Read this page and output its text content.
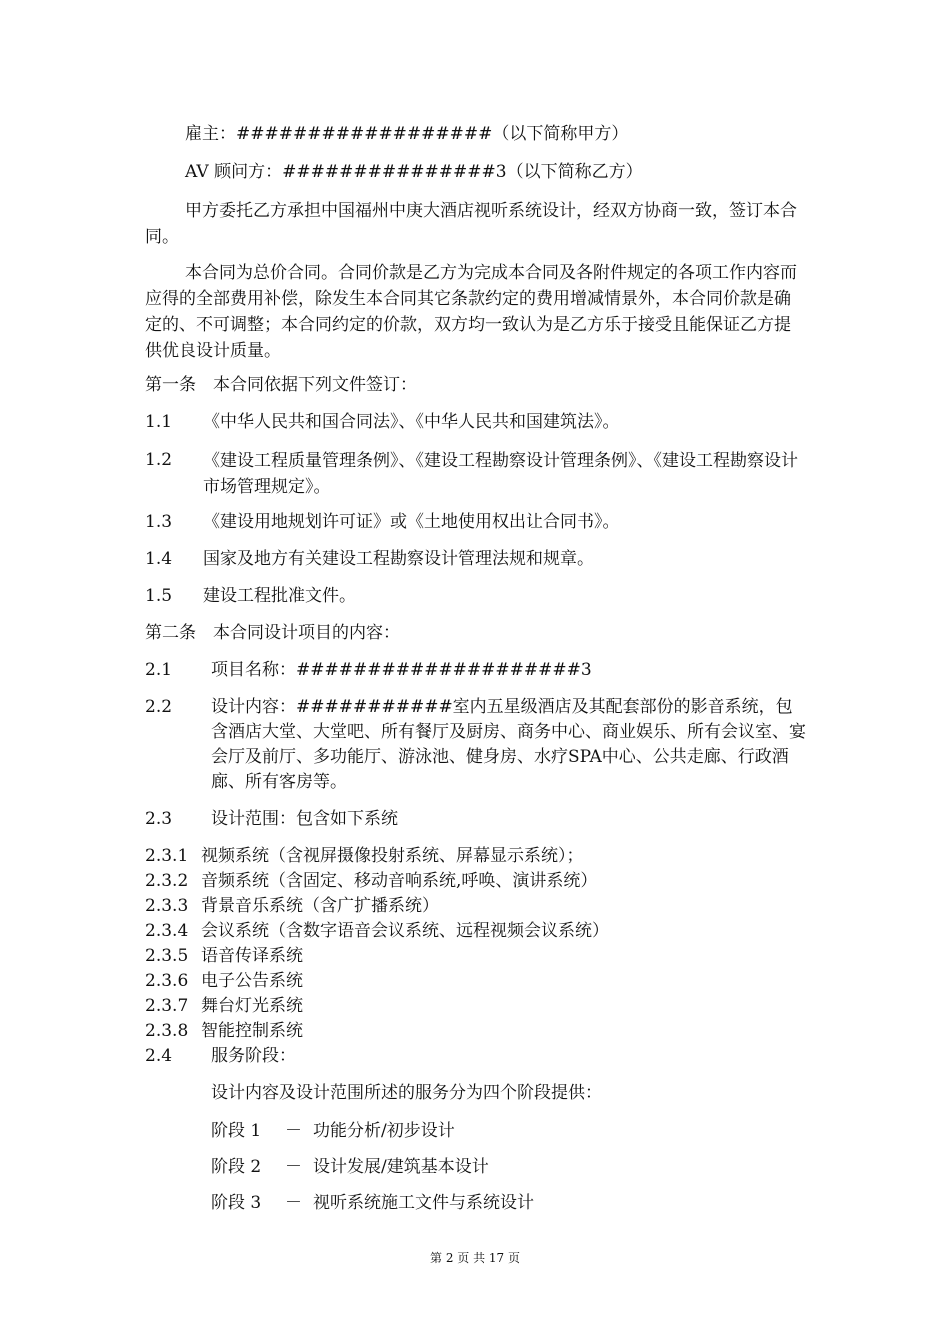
雇主：##################（以下简称甲方）

AV 顾问方：###############3（以下简称乙方）

甲方委托乙方承担中国福州中庚大酒店视听系统设计，经双方协商一致，签订本合同。
本合同为总价合同。合同价款是乙方为完成本合同及各附件规定的各项工作内容而应得的全部费用补偿，除发生本合同其它条款约定的费用增减情景外，本合同价款是确定的、不可调整；本合同约定的价款，双方均一致认为是乙方乐于接受且能保证乙方提供优良设计质量。

第一条　本合同依据下列文件签订：

1.1 《中华人民共和国合同法》、《中华人民共和国建筑法》。
1.2 《建设工程质量管理条例》、《建设工程勘察设计管理条例》、《建设工程勘察设计市场管理规定》。
1.3 《建设用地规划许可证》或《土地使用权出让合同书》。
1.4 国家及地方有关建设工程勘察设计管理法规和规章。
1.5 建设工程批准文件。

第二条　本合同设计项目的内容：

2.1 项目名称：####################3
2.2 设计内容：###########室内五星级酒店及其配套部份的影音系统，包含酒店大堂、大堂吧、所有餐厅及厨房、商务中心、商业娱乐、所有会议室、宴会厅及前厅、多功能厅、游泳池、健身房、水疗SPA中心、公共走廊、行政酒廊、所有客房等。
2.3 设计范围：包含如下系统
2.3.1 视频系统（含视屏摄像投射系统、屏幕显示系统）；
2.3.2 音频系统（含固定、移动音响系统,呼唤、演讲系统）
2.3.3 背景音乐系统（含广扩播系统）
2.3.4 会议系统（含数字语音会议系统、远程视频会议系统）
2.3.5 语音传译系统
2.3.6 电子公告系统
2.3.7 舞台灯光系统
2.3.8 智能控制系统
2.4 服务阶段：

设计内容及设计范围所述的服务分为四个阶段提供：

阶段 1 － 功能分析/初步设计
阶段 2 － 设计发展/建筑基本设计
阶段 3 － 视听系统施工文件与系统设计
第 2 页 共 17 页
